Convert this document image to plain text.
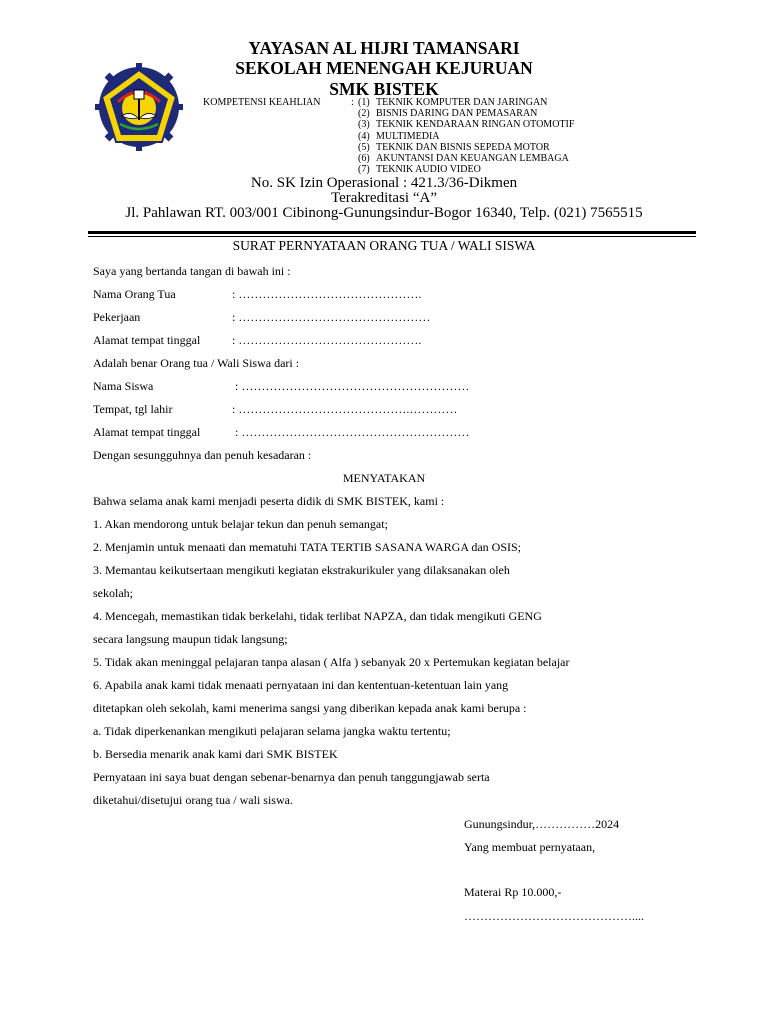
YAYASAN AL HIJRI TAMANSARI
SEKOLAH MENENGAH KEJURUAN
SMK BISTEK
KOMPETENSI KEAHLIAN	: (1) TEKNIK KOMPUTER DAN JARINGAN
(2) BISNIS DARING DAN PEMASARAN
(3) TEKNIK KENDARAAN RINGAN OTOMOTIF
(4) MULTIMEDIA
(5) TEKNIK DAN BISNIS SEPEDA MOTOR
(6) AKUNTANSI DAN KEUANGAN LEMBAGA
(7) TEKNIK AUDIO VIDEO
No. SK Izin Operasional : 421.3/36-Dikmen
Terakreditasi “A”
Jl. Pahlawan RT. 003/001 Cibinong-Gunungsindur-Bogor 16340, Telp. (021) 7565515
SURAT PERNYATAAN ORANG TUA / WALI SISWA
Saya yang bertanda tangan di bawah ini :
Nama Orang Tua	: ……………………………………….
Pekerjaan	: …………………………………………
Alamat tempat tinggal	: ……………………………………….
Adalah benar Orang tua / Wali Siswa dari :
Nama Siswa	: …………………………………………………
Tempat, tgl lahir	: …………………………………….…………
Alamat tempat tinggal	: …………………………………………………
Dengan sesungguhnya dan penuh kesadaran :
MENYATAKAN
Bahwa selama anak kami menjadi peserta didik di SMK BISTEK, kami :
1. Akan mendorong untuk belajar tekun dan penuh semangat;
2. Menjamin untuk menaati dan mematuhi TATA TERTIB SASANA WARGA dan OSIS;
3. Memantau keikutsertaan mengikuti kegiatan ekstrakurikuler yang dilaksanakan oleh
sekolah;
4. Mencegah, memastikan tidak berkelahi, tidak terlibat NAPZA, dan tidak mengikuti GENG
secara langsung maupun tidak langsung;
5. Tidak akan meninggal pelajaran tanpa alasan ( Alfa ) sebanyak 20 x Pertemukan kegiatan belajar
6. Apabila anak kami tidak menaati pernyataan ini dan kententuan-ketentuan lain yang
ditetapkan oleh sekolah, kami menerima sangsi yang diberikan kepada anak kami berupa :
a. Tidak diperkenankan mengikuti pelajaran selama jangka waktu tertentu;
b. Bersedia menarik anak kami dari SMK BISTEK
Pernyataan ini saya buat dengan sebenar-benarnya dan penuh tanggungjawab serta
diketahui/disetujui orang tua / wali siswa.
Gunungsindur,……………2024
Yang membuat pernyataan,
Materai Rp 10.000,-
……………………………………....
